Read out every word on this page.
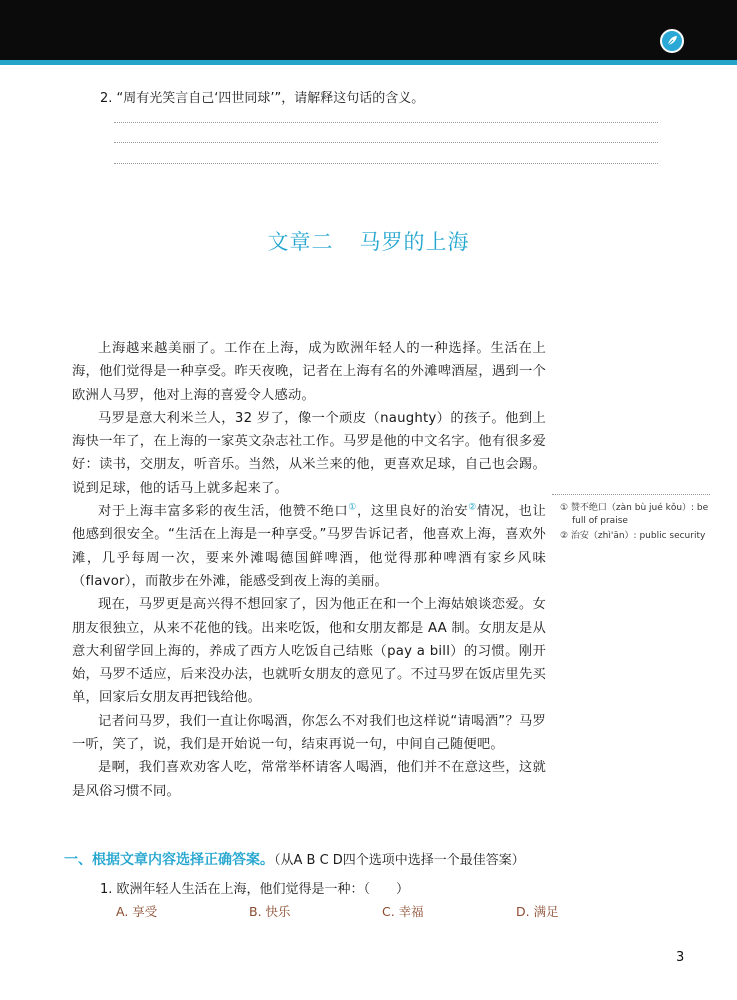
2. “周有光笑言自己‘四世同球’”，请解释这句话的含义。
文章二 马罗的上海

上海越来越美丽了。工作在上海，成为欧洲年轻人的一种选择。生活在上海，他们觉得是一种享受。昨天夜晚，记者在上海有名的外滩啤酒屋，遇到一个欧洲人马罗，他对上海的喜爱令人感动。

马罗是意大利米兰人，32 岁了，像一个顽皮（naughty）的孩子。他到上海快一年了，在上海的一家英文杂志社工作。马罗是他的中文名字。他有很多爱好：读书，交朋友，听音乐。当然，从米兰来的他，更喜欢足球，自己也会踢。说到足球，他的话马上就多起来了。

对于上海丰富多彩的夜生活，他赞不绝口①，这里良好的治安②情况，也让他感到很安全。“生活在上海是一种享受。”马罗告诉记者，他喜欢上海，喜欢外滩，几乎每周一次，要来外滩喝德国鲜啤酒，他觉得那种啤酒有家乡风味（flavor），而散步在外滩，能感受到夜上海的美丽。

现在，马罗更是高兴得不想回家了，因为他正在和一个上海姑娘谈恋爱。女朋友很独立，从来不花他的钱。出来吃饭，他和女朋友都是 AA 制。女朋友是从意大利留学回上海的，养成了西方人吃饭自己结账（pay a bill）的习惯。刚开始，马罗不适应，后来没办法，也就听女朋友的意见了。不过马罗在饭店里先买单，回家后女朋友再把钱给他。

记者问马罗，我们一直让你喝酒，你怎么不对我们也这样说“请喝酒”？马罗一听，笑了，说，我们是开始说一句，结束再说一句，中间自己随便吧。

是啊，我们喜欢劝客人吃，常常举杯请客人喝酒，他们并不在意这些，这就是风俗习惯不同。

① 赞不绝口（zàn bù jué kǒu）: be
full of praise
② 治安（zhì'ān）: public security
一、根据文章内容选择正确答案。（从A B C D四个选项中选择一个最佳答案）
1. 欧洲年轻人生活在上海，他们觉得是一种：（　　）
A. 享受	B. 快乐	C. 幸福	D. 满足
3
